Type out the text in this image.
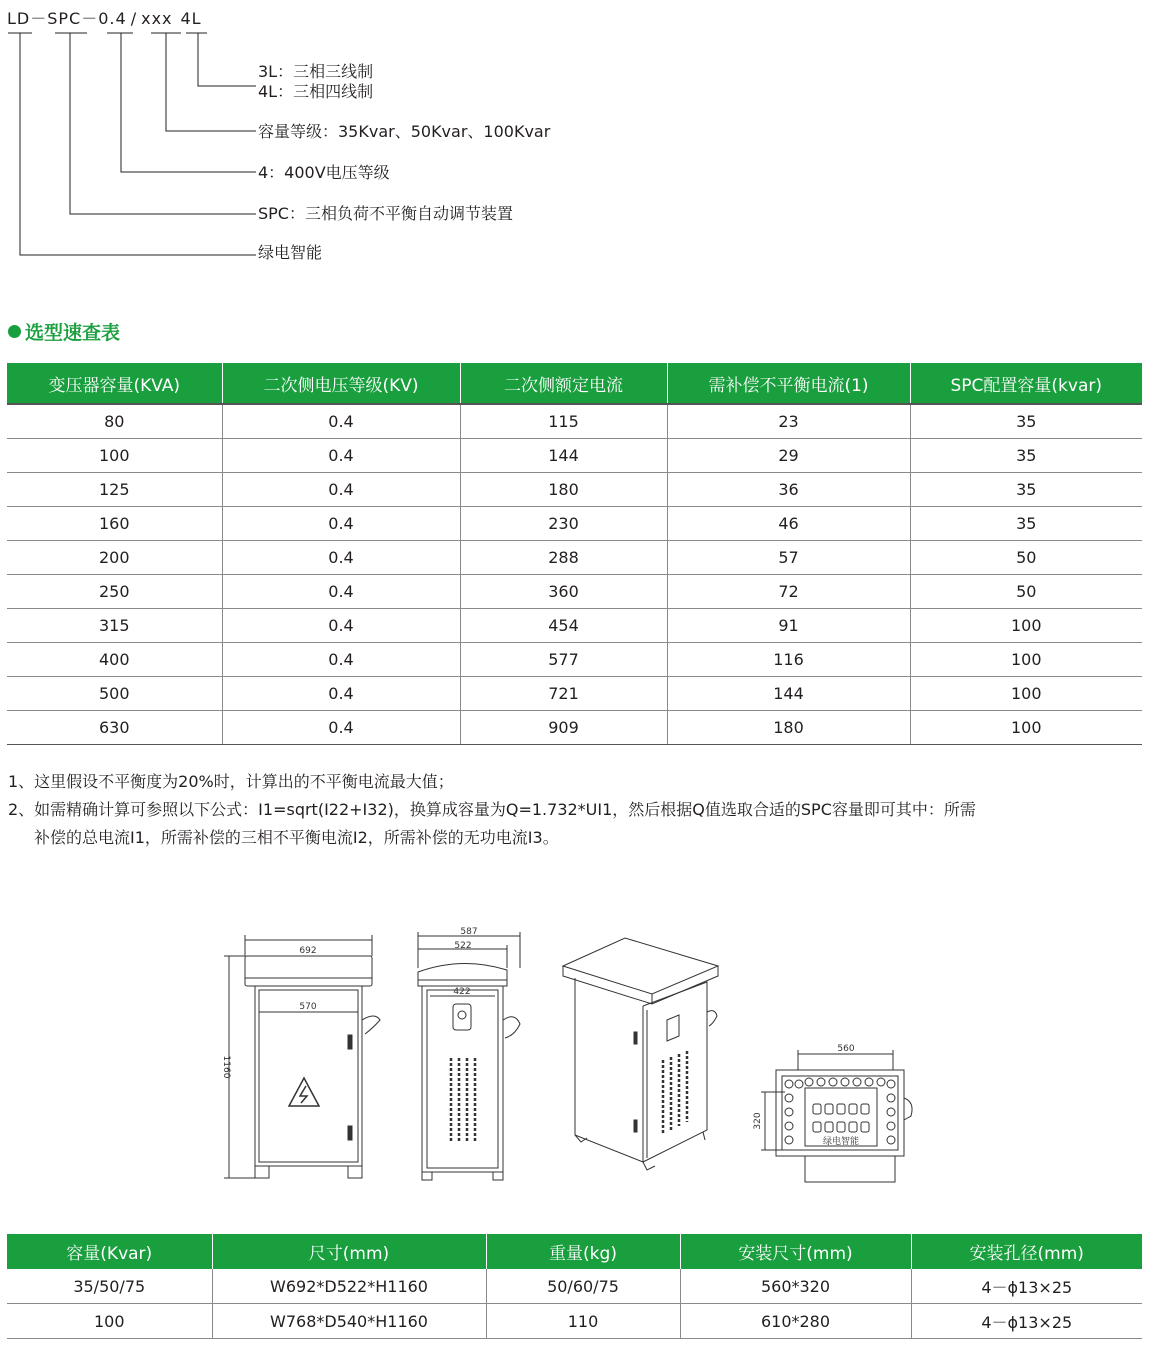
LD－SPC－0.4 / xxx 4L
3L：三相三线制
4L：三相四线制
容量等级：35Kvar、50Kvar、100Kvar
4：400V电压等级
SPC：三相负荷不平衡自动调节装置
绿电智能
选型速查表
变压器容量(KVA)	二次侧电压等级(KV)	二次侧额定电流	需补偿不平衡电流(1)	SPC配置容量(kvar)
80	0.4	115	23	35
100	0.4	144	29	35
125	0.4	180	36	35
160	0.4	230	46	35
200	0.4	288	57	50
250	0.4	360	72	50
315	0.4	454	91	100
400	0.4	577	116	100
500	0.4	721	144	100
630	0.4	909	180	100
1、这里假设不平衡度为20%时，计算出的不平衡电流最大值；
2、如需精确计算可参照以下公式：I1=sqrt(I22+I32)，换算成容量为Q=1.732*UI1，然后根据Q值选取合适的SPC容量即可其中：所需
补偿的总电流I1，所需补偿的三相不平衡电流I2，所需补偿的无功电流I3。
692
570
1160
587
522
422
560
320
绿电智能
容量(Kvar)	尺寸(mm)	重量(kg)	安装尺寸(mm)	安装孔径(mm)
35/50/75	W692*D522*H1160	50/60/75	560*320	4－ϕ13×25
100	W768*D540*H1160	110	610*280	4－ϕ13×25
